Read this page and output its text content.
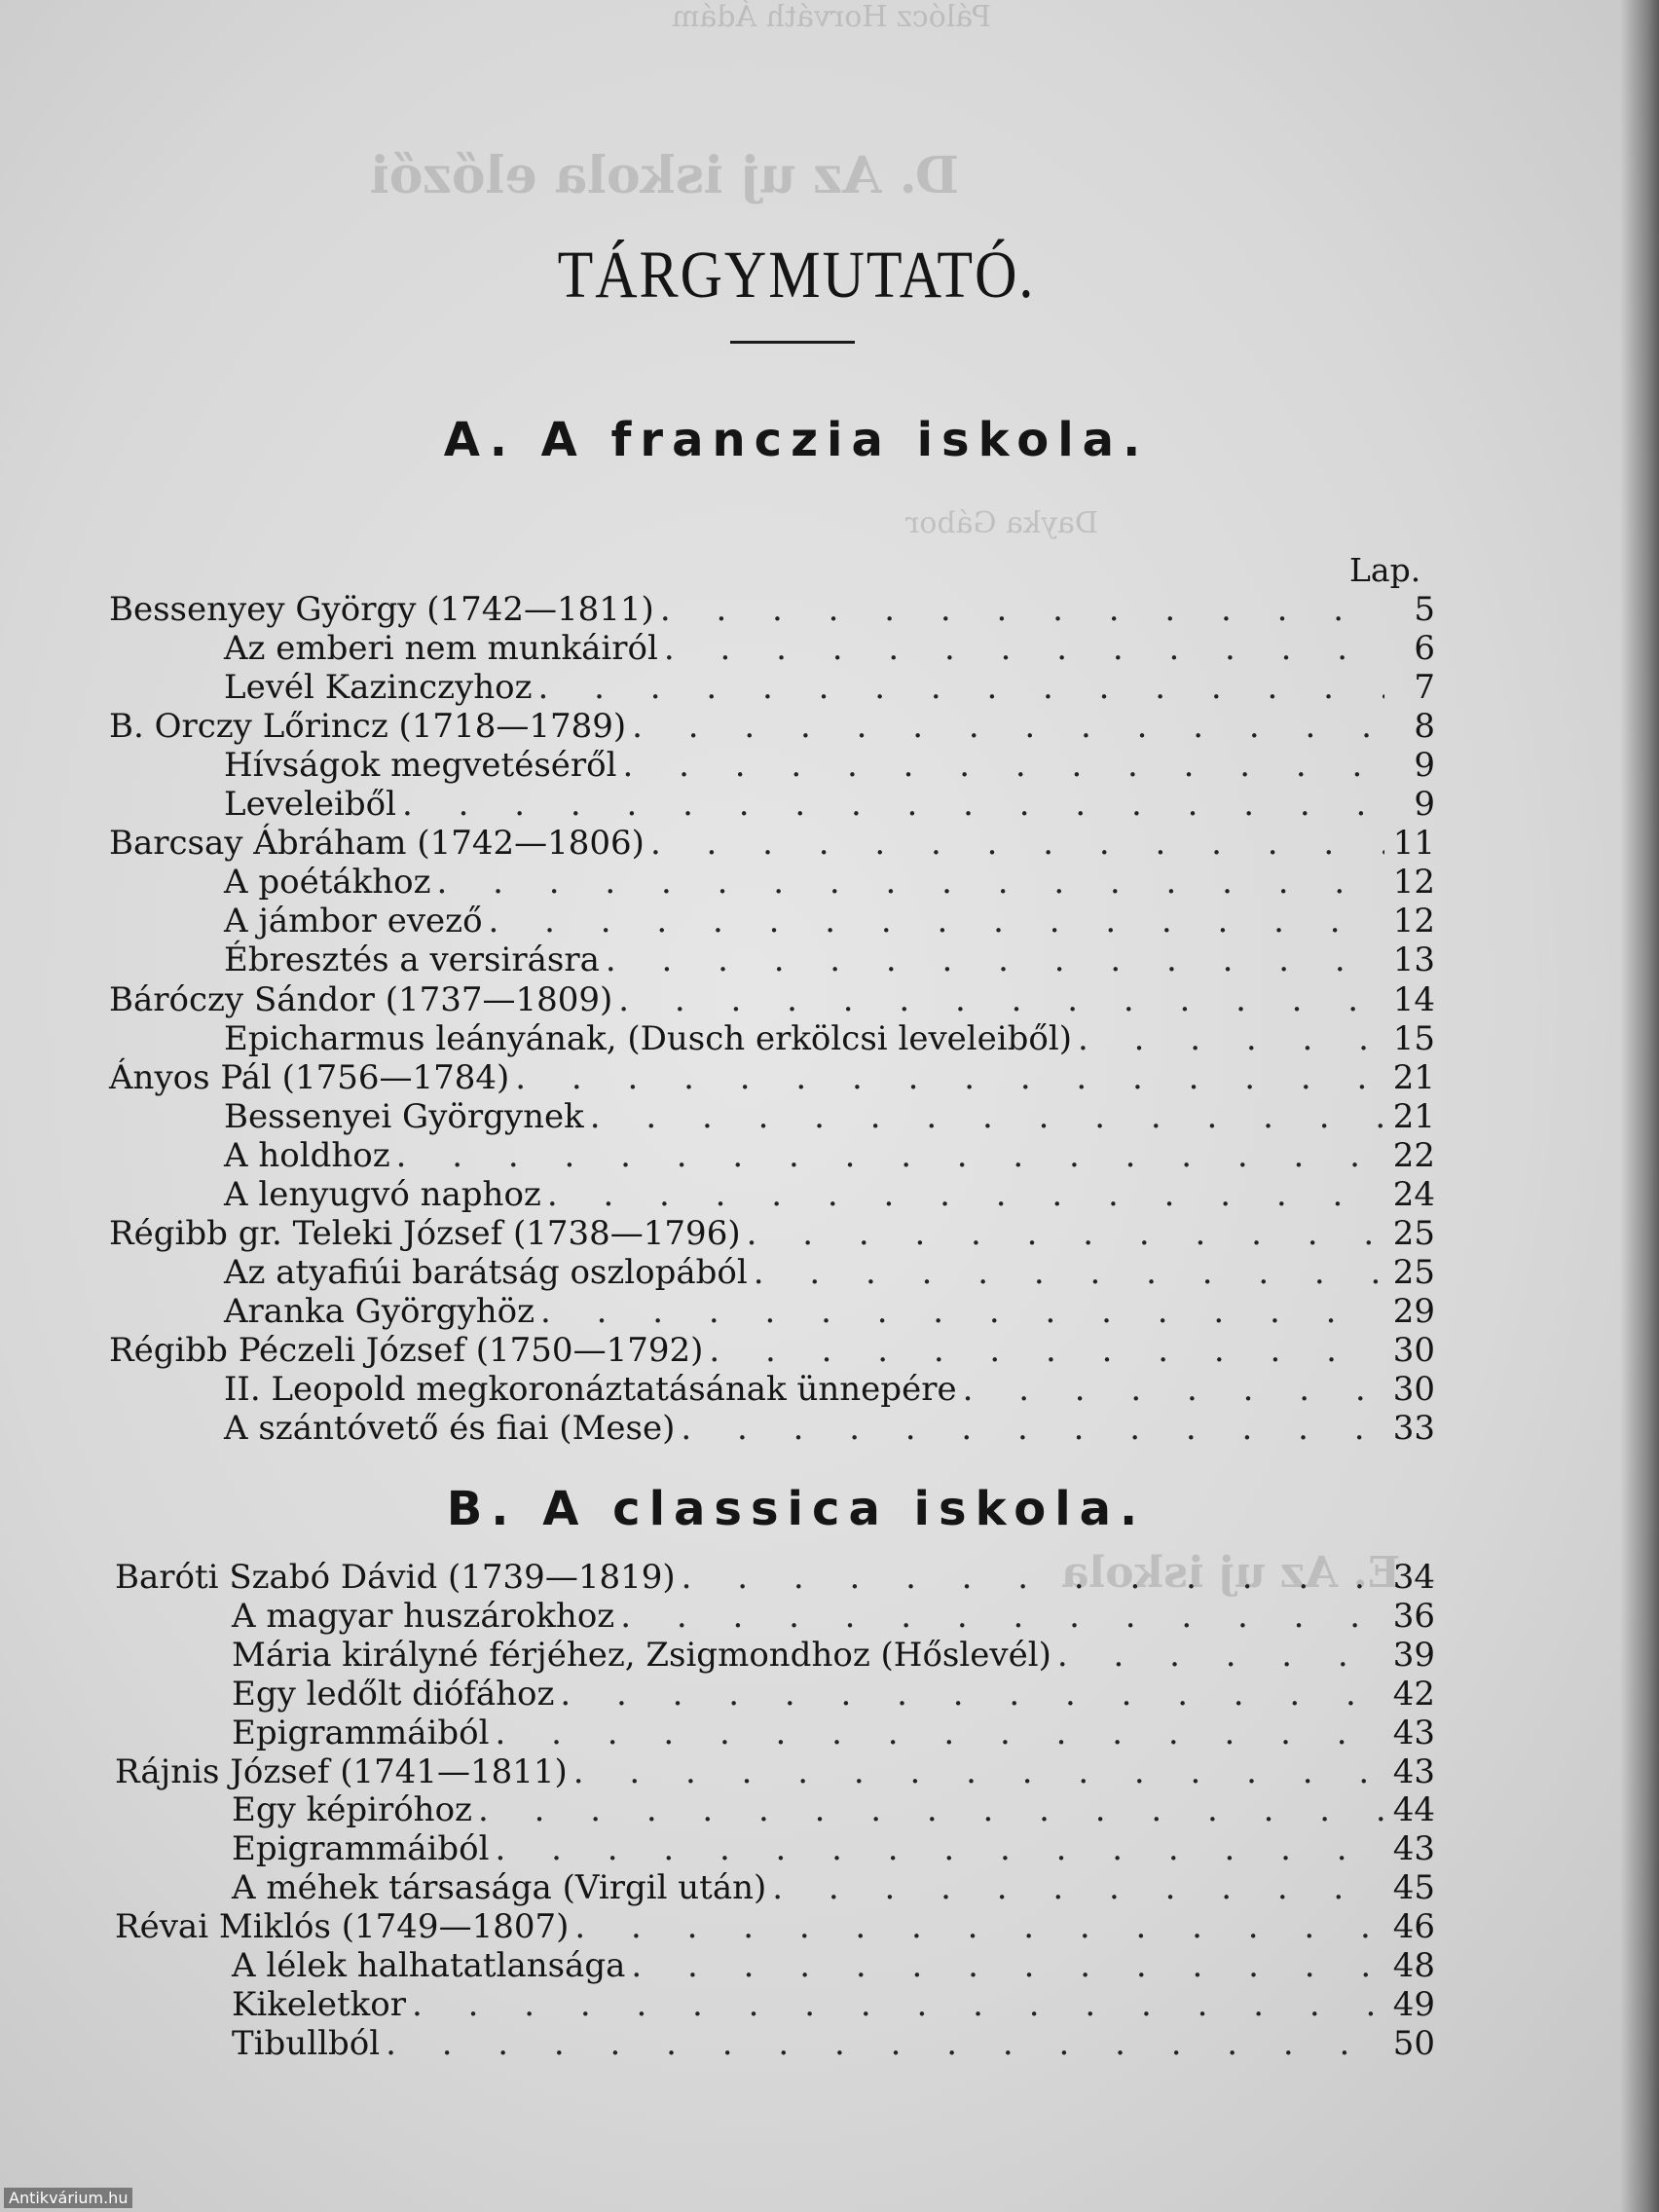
Pálócz Horváth Ádám
D. Az uj iskola előzői
Dayka Gábor
E. Az uj iskola
TÁRGYMUTATÓ.
A. A franczia iskola.
Lap.
B. A classica iskola.
Bessenyey György (1742—1811) . . .	5
Az emberi nem munkáiról . . .	6
Levél Kazinczyhoz . . .	7
B. Orczy Lőrincz (1718—1789) . . .	8
Hívságok megvetéséről . . .	9
Leveleiből . . .	9
Barcsay Ábráham (1742—1806) . . .	11
A poétákhoz . . .	12
A jámbor evező . . .	12
Ébresztés a versirásra . . .	13
Báróczy Sándor (1737—1809) . . .	14
Epicharmus leányának, (Dusch erkölcsi leveleiből) . . .	15
Ányos Pál (1756—1784) . . .	21
Bessenyei Györgynek . . .	21
A holdhoz . . .	22
A lenyugvó naphoz . . .	24
Régibb gr. Teleki József (1738—1796) . . .	25
Az atyafiúi barátság oszlopából . . .	25
Aranka Györgyhöz . . .	29
Régibb Péczeli József (1750—1792) . . .	30
II. Leopold megkoronáztatásának ünnepére . . .	30
A szántóvető és fiai (Mese) . . .	33
Baróti Szabó Dávid (1739—1819) . . .	34
A magyar huszárokhoz . . .	36
Mária királyné férjéhez, Zsigmondhoz (Hőslevél) . . .	39
Egy ledőlt diófához . . .	42
Epigrammáiból . . .	43
Rájnis József (1741—1811) . . .	43
Egy képiróhoz . . .	44
Epigrammáiból . . .	43
A méhek társasága (Virgil után) . . .	45
Révai Miklós (1749—1807) . . .	46
A lélek halhatatlansága . . .	48
Kikeletkor . . .	49
Tibullból . . .	50
Antikvárium.hu
